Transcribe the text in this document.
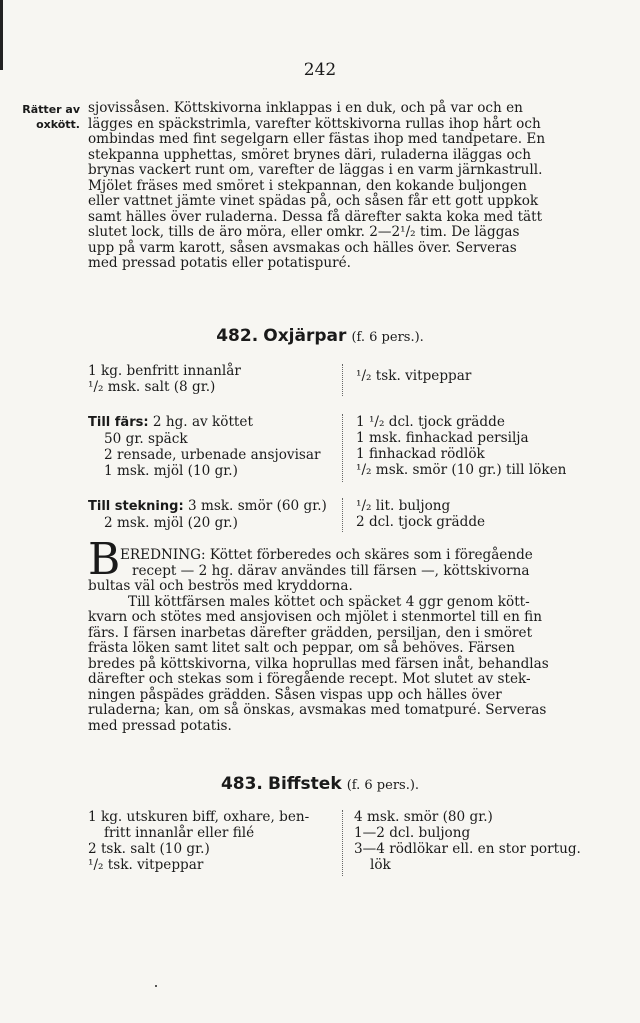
242
Rätter av
oxkött.
sjovissåsen. Köttskivorna inklappas i en duk, och på var och en
lägges en späckstrimla, varefter köttskivorna rullas ihop hårt och
ombindas med fint segelgarn eller fästas ihop med tandpetare. En
stekpanna upphettas, smöret brynes däri, ruladerna iläggas och
brynas vackert runt om, varefter de läggas i en varm järnkastrull.
Mjölet fräses med smöret i stekpannan, den kokande buljongen
eller vattnet jämte vinet spädas på, och såsen får ett gott uppkok
samt hälles över ruladerna. Dessa få därefter sakta koka med tätt
slutet lock, tills de äro möra, eller omkr. 2—2¹/₂ tim. De läggas
upp på varm karott, såsen avsmakas och hälles över. Serveras
med pressad potatis eller potatispuré.
482. Oxjärpar (f. 6 pers.).
1 kg. benfritt innanlår
¹/₂ msk. salt (8 gr.)
¹/₂ tsk. vitpeppar
Till färs: 2 hg. av köttet
50 gr. späck
2 rensade, urbenade ansjovisar
1 msk. mjöl (10 gr.)
1 ¹/₂ dcl. tjock grädde
1 msk. finhackad persilja
1 finhackad rödlök
¹/₂ msk. smör (10 gr.) till löken
Till stekning: 3 msk. smör (60 gr.)
2 msk. mjöl (20 gr.)
¹/₂ lit. buljong
2 dcl. tjock grädde
B EREDNING: Köttet förberedes och skäres som i föregående
recept — 2 hg. därav användes till färsen —, köttskivorna
bultas väl och beströs med kryddorna.
Till köttfärsen males köttet och späcket 4 ggr genom kött-
kvarn och stötes med ansjovisen och mjölet i stenmortel till en fin
färs. I färsen inarbetas därefter grädden, persiljan, den i smöret
frästa löken samt litet salt och peppar, om så behöves. Färsen
bredes på köttskivorna, vilka hoprullas med färsen inåt, behandlas
därefter och stekas som i föregående recept. Mot slutet av stek-
ningen påspädes grädden. Såsen vispas upp och hälles över
ruladerna; kan, om så önskas, avsmakas med tomatpuré. Serveras
med pressad potatis.
483. Biffstek (f. 6 pers.).
1 kg. utskuren biff, oxhare, ben-
fritt innanlår eller filé
2 tsk. salt (10 gr.)
¹/₂ tsk. vitpeppar
4 msk. smör (80 gr.)
1—2 dcl. buljong
3—4 rödlökar ell. en stor portug.
lök
